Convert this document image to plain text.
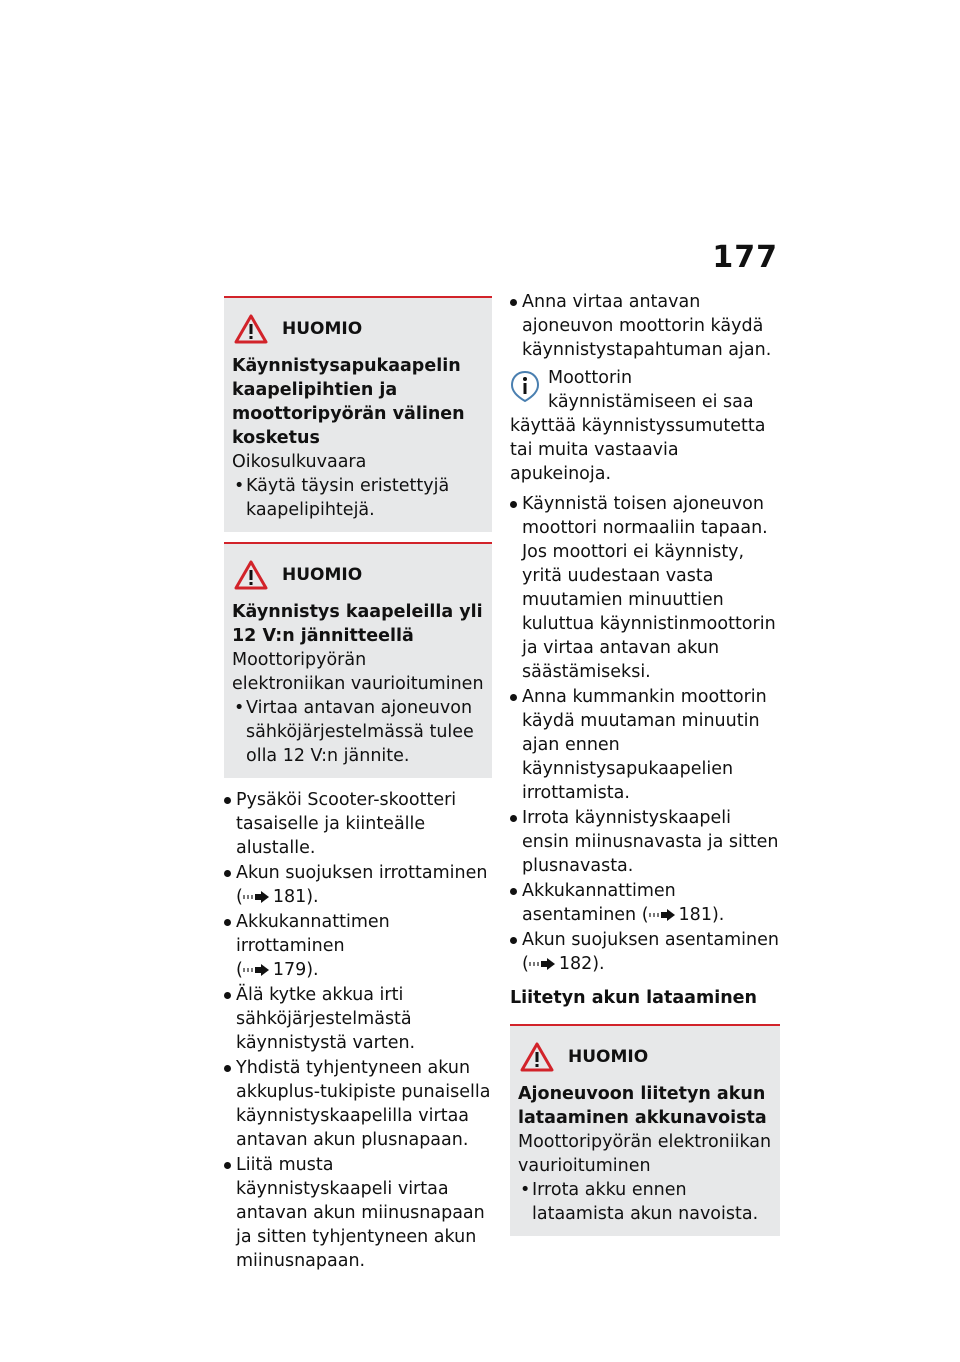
177
HUOMIO
Käynnistysapukaapelin kaapelipihtien ja moottoripyörän välinen kosketus
Oikosulkuvaara
• Käytä täysin eristettyjä kaapelipihtejä.
HUOMIO
Käynnistys kaapeleilla yli 12 V:n jännitteellä
Moottoripyörän elektroniikan vaurioituminen
• Virtaa antavan ajoneuvon sähköjärjestelmässä tulee olla 12 V:n jännite.
Pysäköi Scooter-skootteri tasaiselle ja kiinteälle alustalle.
Akun suojuksen irrottaminen
( 181).
Akkukannattimen irrottaminen
( 179).
Älä kytke akkua irti sähköjärjestelmästä käynnistystä varten.
Yhdistä tyhjentyneen akun akkuplus-tukipiste punaisella käynnistyskaapelilla virtaa antavan akun plusnapaan.
Liitä musta käynnistyskaapeli virtaa antavan akun miinusnapaan ja sitten tyhjentyneen akun miinusnapaan.
Anna virtaa antavan ajoneuvon moottorin käydä käynnistystapahtuman ajan.
Moottorin käynnistämiseen ei saa käyttää käynnistyssumutetta tai muita vastaavia apukeinoja.
Käynnistä toisen ajoneuvon moottori normaaliin tapaan. Jos moottori ei käynnisty, yritä uudestaan vasta muutamien minuuttien kuluttua käynnistinmoottorin ja virtaa antavan akun säästämiseksi.
Anna kummankin moottorin käydä muutaman minuutin ajan ennen käynnistysapukaapelien irrottamista.
Irrota käynnistyskaapeli ensin miinusnavasta ja sitten plusnavasta.
Akkukannattimen asentaminen ( 181).
Akun suojuksen asentaminen
( 182).
Liitetyn akun lataaminen
HUOMIO
Ajoneuvoon liitetyn akun lataaminen akkunavoista
Moottoripyörän elektroniikan vaurioituminen
• Irrota akku ennen lataamista akun navoista.
